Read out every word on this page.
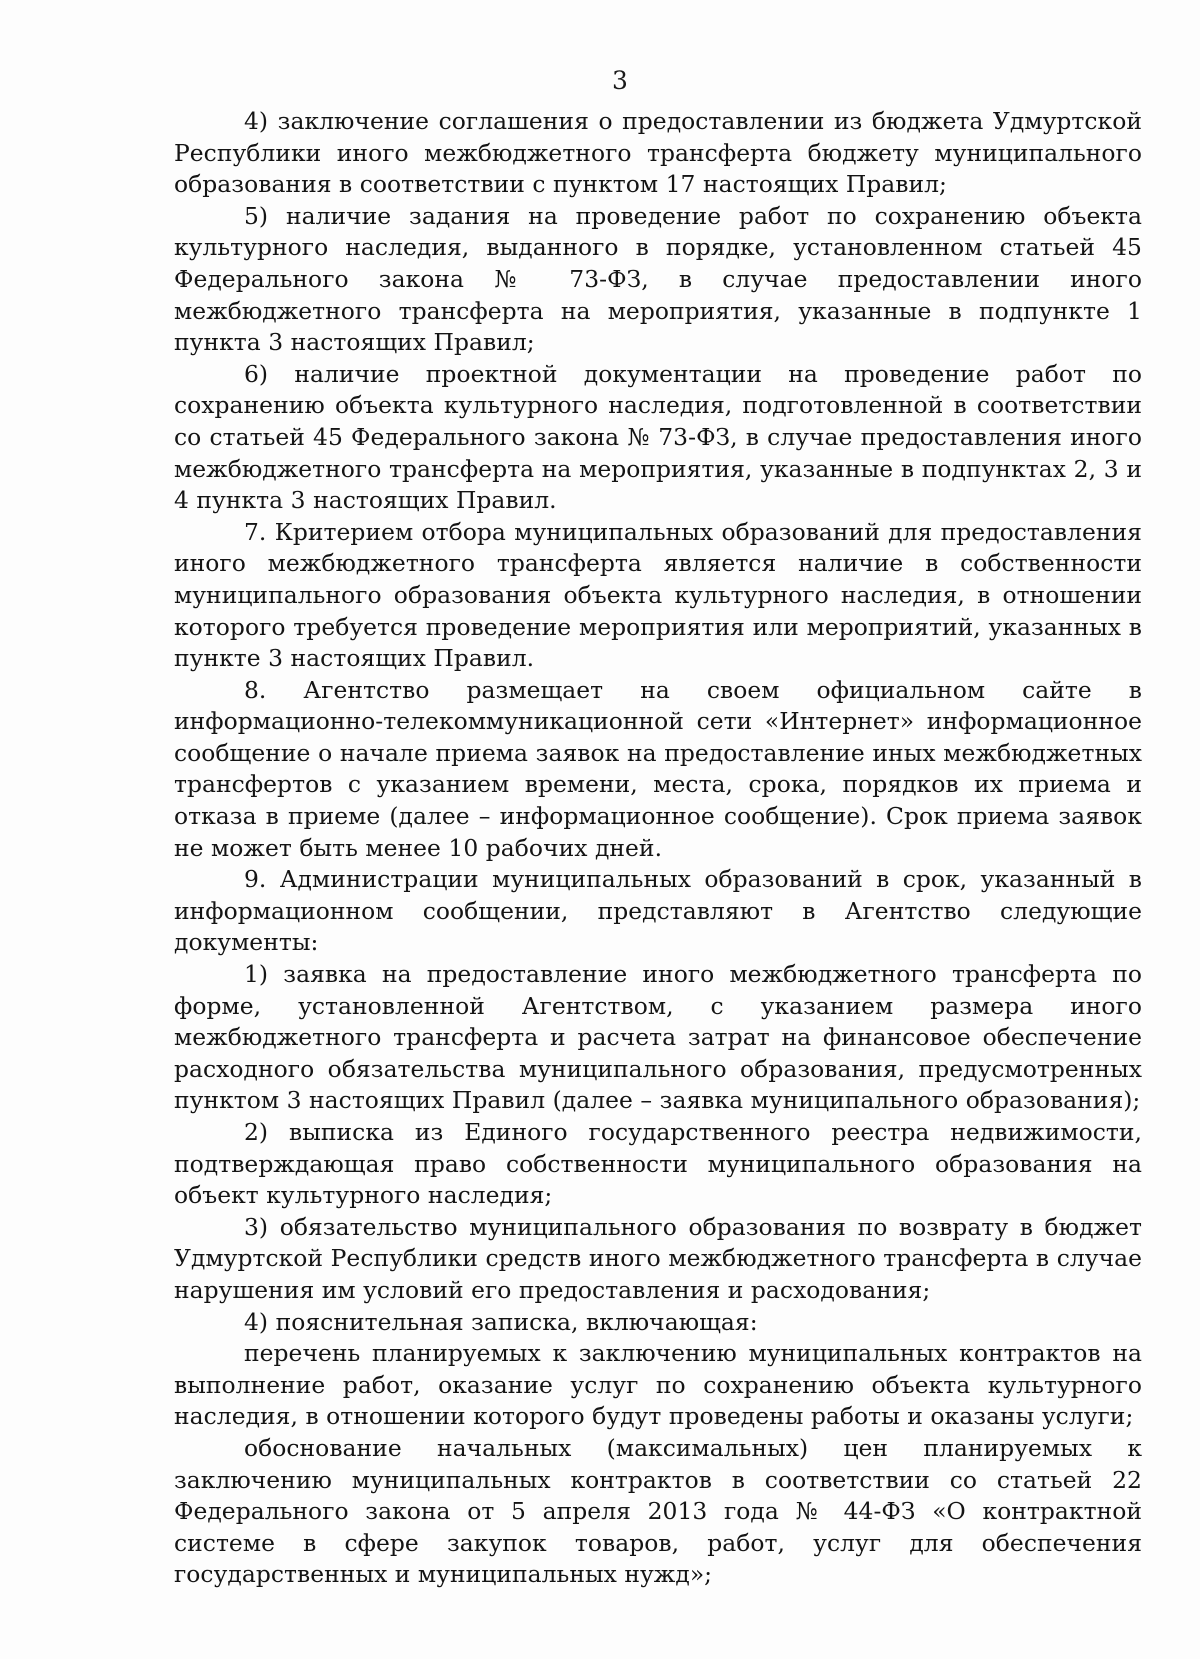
3

4) заключение соглашения о предоставлении из бюджета Удмуртской Республики иного межбюджетного трансферта бюджету муниципального образования в соответствии с пунктом 17 настоящих Правил;

5) наличие задания на проведение работ по сохранению объекта культурного наследия, выданного в порядке, установленном статьей 45 Федерального закона № 73-ФЗ, в случае предоставлении иного межбюджетного трансферта на мероприятия, указанные в подпункте 1 пункта 3 настоящих Правил;

6) наличие проектной документации на проведение работ по сохранению объекта культурного наследия, подготовленной в соответствии со статьей 45 Федерального закона № 73-ФЗ, в случае предоставления иного межбюджетного трансферта на мероприятия, указанные в подпунктах 2, 3 и 4 пункта 3 настоящих Правил.

7. Критерием отбора муниципальных образований для предоставления иного межбюджетного трансферта является наличие в собственности муниципального образования объекта культурного наследия, в отношении которого требуется проведение мероприятия или мероприятий, указанных в пункте 3 настоящих Правил.

8. Агентство размещает на своем официальном сайте в информационно-телекоммуникационной сети «Интернет» информационное сообщение о начале приема заявок на предоставление иных межбюджетных трансфертов с указанием времени, места, срока, порядков их приема и отказа в приеме (далее – информационное сообщение). Срок приема заявок не может быть менее 10 рабочих дней.

9. Администрации муниципальных образований в срок, указанный в информационном сообщении, представляют в Агентство следующие документы:

1) заявка на предоставление иного межбюджетного трансферта по форме, установленной Агентством, с указанием размера иного межбюджетного трансферта и расчета затрат на финансовое обеспечение расходного обязательства муниципального образования, предусмотренных пунктом 3 настоящих Правил (далее – заявка муниципального образования);

2) выписка из Единого государственного реестра недвижимости, подтверждающая право собственности муниципального образования на объект культурного наследия;

3) обязательство муниципального образования по возврату в бюджет Удмуртской Республики средств иного межбюджетного трансферта в случае нарушения им условий его предоставления и расходования;

4) пояснительная записка, включающая:

перечень планируемых к заключению муниципальных контрактов на выполнение работ, оказание услуг по сохранению объекта культурного наследия, в отношении которого будут проведены работы и оказаны услуги;

обоснование начальных (максимальных) цен планируемых к заключению муниципальных контрактов в соответствии со статьей 22 Федерального закона от 5 апреля 2013 года № 44-ФЗ «О контрактной системе в сфере закупок товаров, работ, услуг для обеспечения государственных и муниципальных нужд»;
